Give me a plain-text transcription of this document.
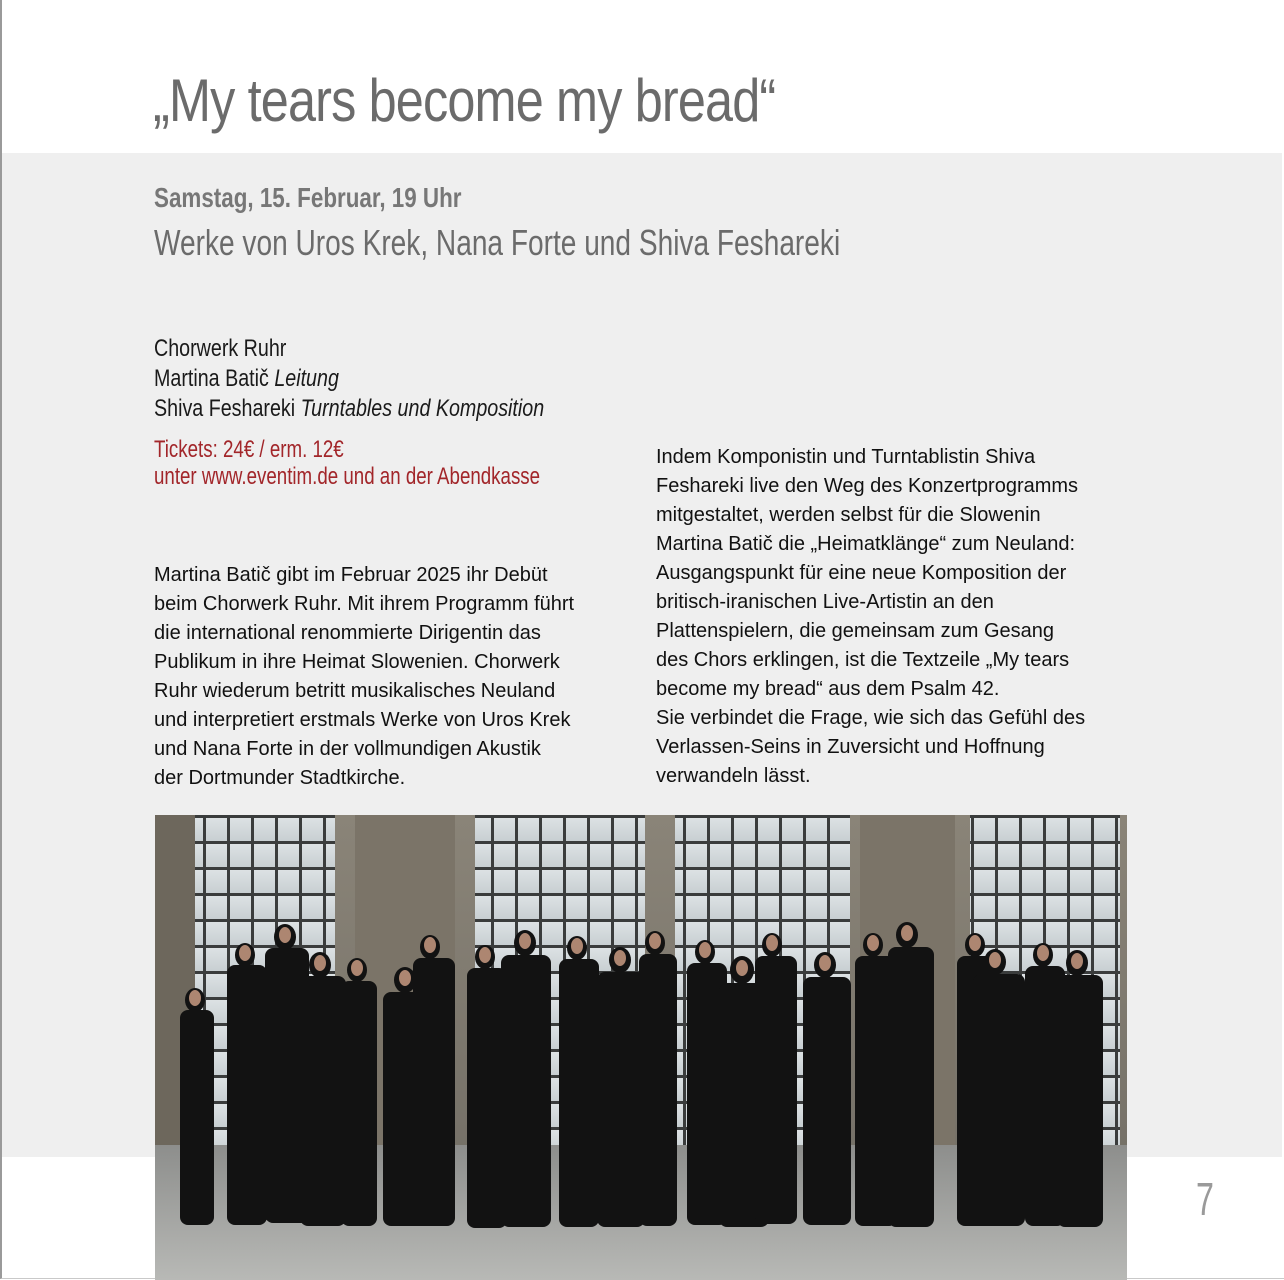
„My tears become my bread“
Samstag, 15. Februar, 19 Uhr
Werke von Uros Krek, Nana Forte und Shiva Feshareki
Chorwerk Ruhr
Martina Batič Leitung
Shiva Feshareki Turntables und Komposition
Tickets: 24€ / erm. 12€
unter www.eventim.de und an der Abendkasse

Martina Batič gibt im Februar 2025 ihr Debüt

beim Chorwerk Ruhr. Mit ihrem Programm führt

die international renommierte Dirigentin das

Publikum in ihre Heimat Slowenien. Chorwerk

Ruhr wiederum betritt musikalisches Neuland

und interpretiert erstmals Werke von Uros Krek

und Nana Forte in der vollmundigen Akustik

der Dortmunder Stadtkirche.

Indem Komponistin und Turntablistin Shiva

Feshareki live den Weg des Konzertprogramms

mitgestaltet, werden selbst für die Slowenin

Martina Batič die „Heimatklänge“ zum Neuland:

Ausgangspunkt für eine neue Komposition der

britisch-iranischen Live-Artistin an den

Plattenspielern, die gemeinsam zum Gesang

des Chors erklingen, ist die Textzeile „My tears

become my bread“ aus dem Psalm 42.

Sie verbindet die Frage, wie sich das Gefühl des

Verlassen-Seins in Zuversicht und Hoffnung

verwandeln lässt.

7
